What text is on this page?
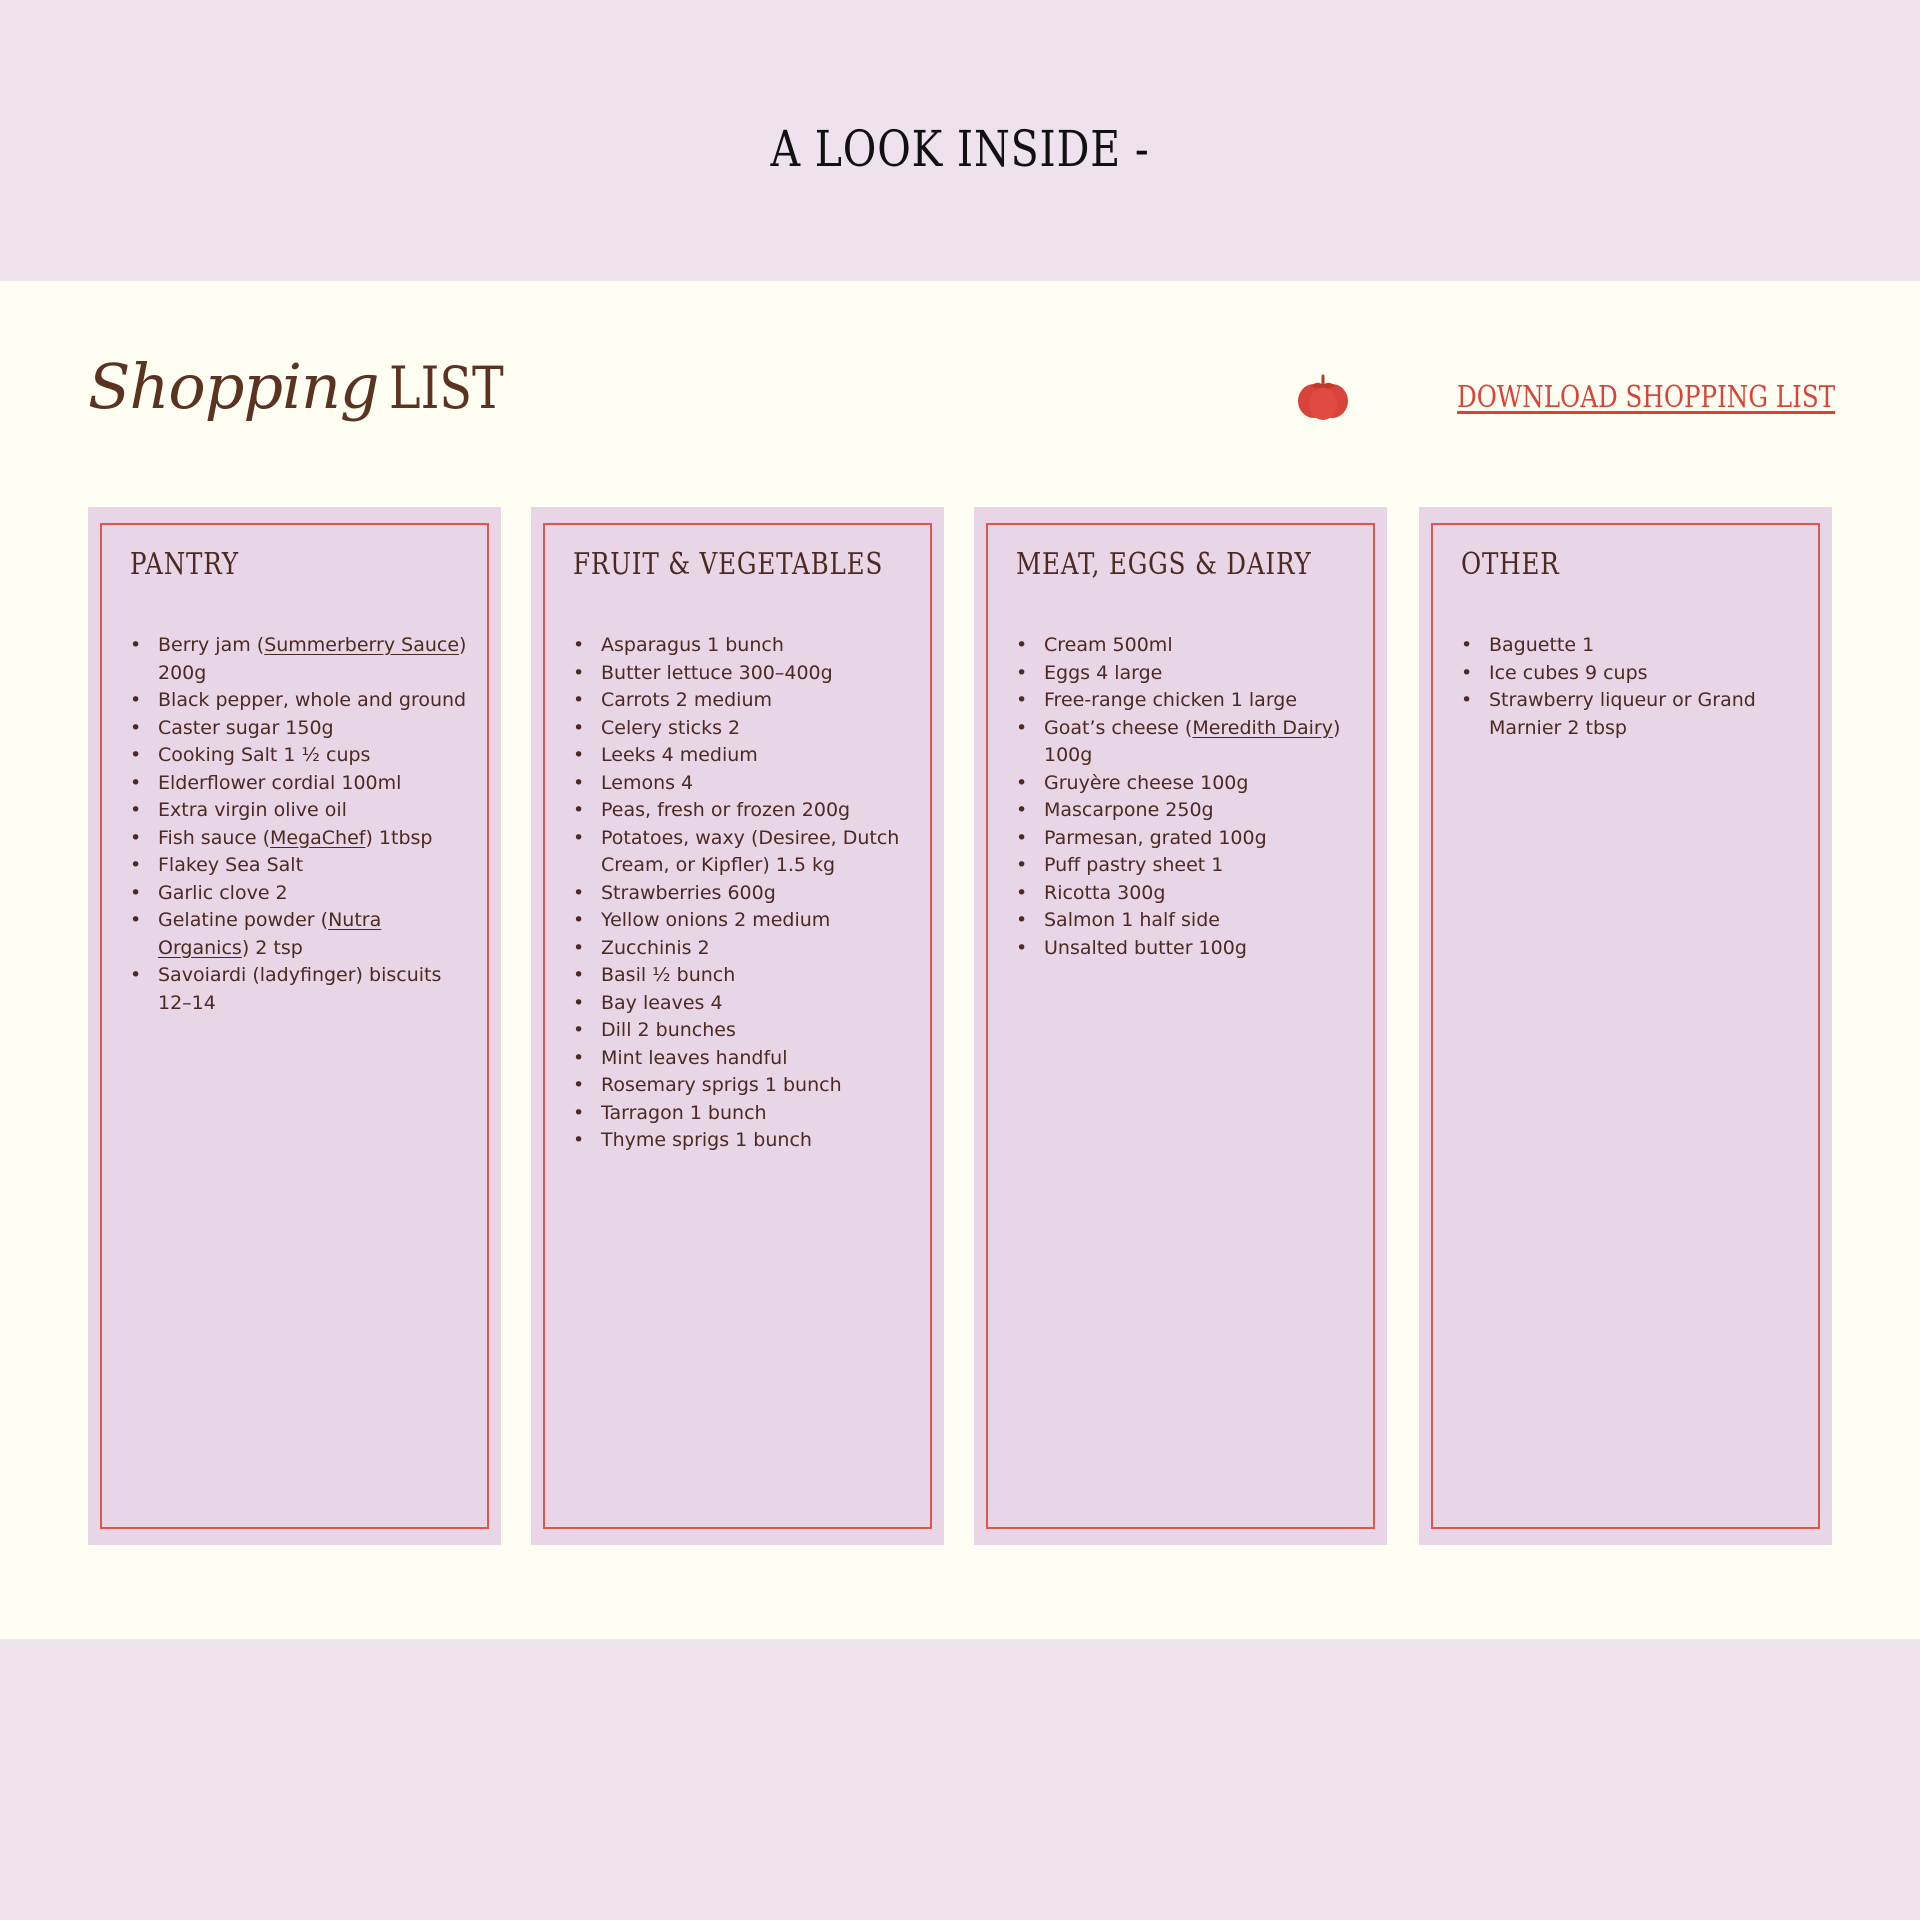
A LOOK INSIDE -
Shopping LIST	DOWNLOAD SHOPPING LIST
PANTRY
• Berry jam (Summerberry Sauce) 200g
• Black pepper, whole and ground
• Caster sugar 150g
• Cooking Salt 1 ½ cups
• Elderflower cordial 100ml
• Extra virgin olive oil
• Fish sauce (MegaChef) 1tbsp
• Flakey Sea Salt
• Garlic clove 2
• Gelatine powder (Nutra Organics) 2 tsp
• Savoiardi (ladyfinger) biscuits 12–14
FRUIT & VEGETABLES
• Asparagus 1 bunch
• Butter lettuce 300–400g
• Carrots 2 medium
• Celery sticks 2
• Leeks 4 medium
• Lemons 4
• Peas, fresh or frozen 200g
• Potatoes, waxy (Desiree, Dutch Cream, or Kipfler) 1.5 kg
• Strawberries 600g
• Yellow onions 2 medium
• Zucchinis 2
• Basil ½ bunch
• Bay leaves 4
• Dill 2 bunches
• Mint leaves handful
• Rosemary sprigs 1 bunch
• Tarragon 1 bunch
• Thyme sprigs 1 bunch
MEAT, EGGS & DAIRY
• Cream 500ml
• Eggs 4 large
• Free-range chicken 1 large
• Goat’s cheese (Meredith Dairy) 100g
• Gruyère cheese 100g
• Mascarpone 250g
• Parmesan, grated 100g
• Puff pastry sheet 1
• Ricotta 300g
• Salmon 1 half side
• Unsalted butter 100g
OTHER
• Baguette 1
• Ice cubes 9 cups
• Strawberry liqueur or Grand Marnier 2 tbsp
